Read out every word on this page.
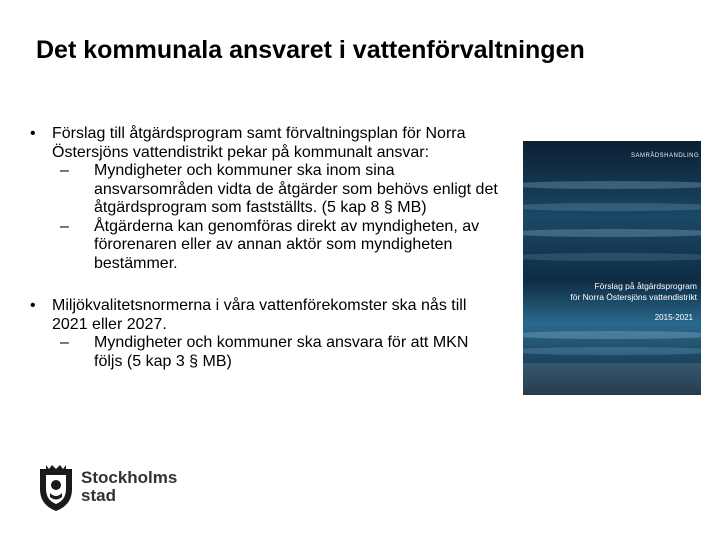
Det kommunala ansvaret i vattenförvaltningen
• Förslag till åtgärdsprogram samt förvaltningsplan för Norra Östersjöns vattendistrikt pekar på kommunalt ansvar:
– Myndigheter och kommuner ska inom sina ansvarsområden vidta de åtgärder som behövs enligt det åtgärdsprogram som fastställts. (5 kap 8 § MB)
– Åtgärderna kan genomföras direkt av myndigheten, av förorenaren eller av annan aktör som myndigheten bestämmer.
• Miljökvalitetsnormerna i våra vattenförekomster ska nås till 2021 eller 2027.
– Myndigheter och kommuner ska ansvara för att MKN följs (5 kap 3 § MB)
SAMRÅDSHANDLING
Förslag på åtgärdsprogram
för Norra Östersjöns vattendistrikt
2015-2021
Stockholms
stad
